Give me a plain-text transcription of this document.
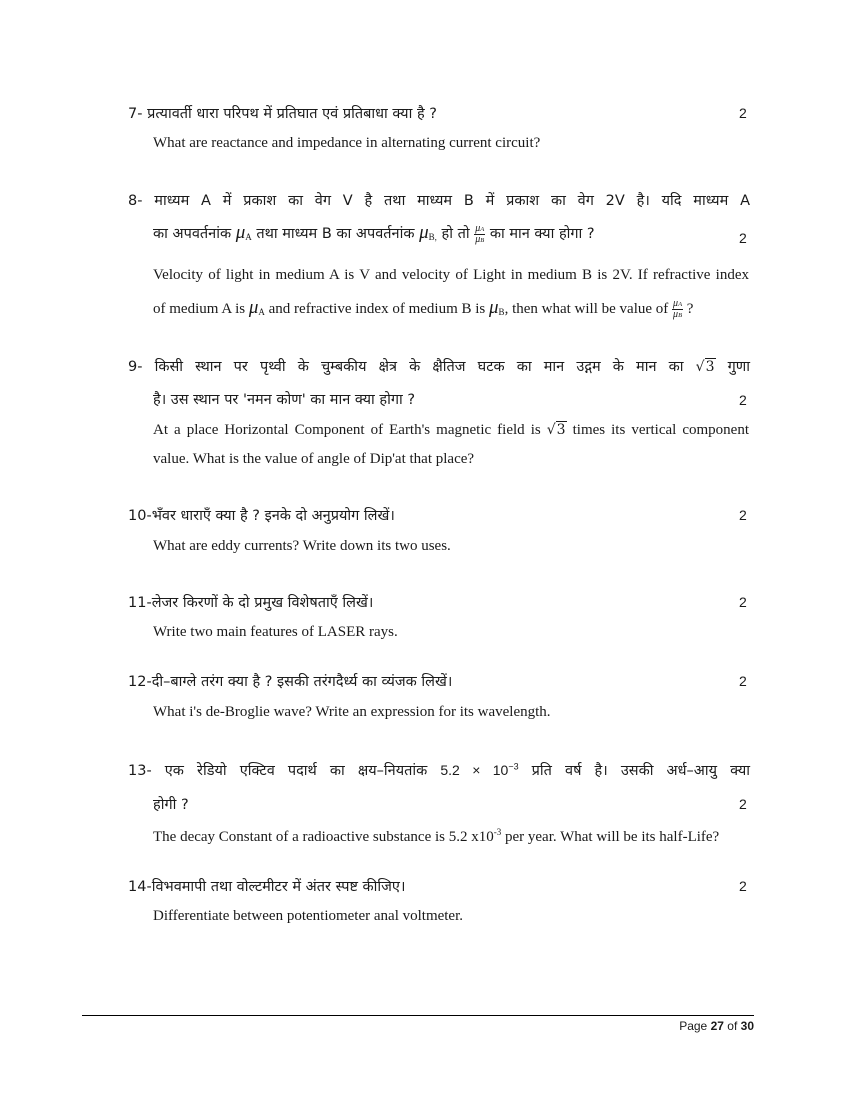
7- प्रत्यावर्ती धारा परिपथ में प्रतिघात एवं प्रतिबाधा क्या है ?	2
What are reactance and impedance in alternating current circuit?
8- माध्यम A में प्रकाश का वेग V है तथा माध्यम B में प्रकाश का वेग 2V है। यदि माध्यम A
का अपवर्तनांक $\mu_A$ तथा माध्यम B का अपवर्तनांक $\mu_{B,}$ हो तो $\frac{\mu A}{\mu B}$ का मान क्या होगा ?	2
Velocity of light in medium A is V and velocity of Light in medium B is 2V. If refractive index
of medium A is $\mu_A$ and refractive index of medium B is $\mu_B$, then what will be value of $\frac{\mu A}{\mu B}$ ?
9- किसी स्थान पर पृथ्वी के चुम्बकीय क्षेत्र के क्षैतिज घटक का मान उद्गम के मान का √3 गुणा
है। उस स्थान पर 'नमन कोण' का मान क्या होगा ?	2
At a place Horizontal Component of Earth's magnetic field is √3 times its vertical component
value. What is the value of angle of Dip'at that place?
10-भँवर धाराएँ क्या है ? इनके दो अनुप्रयोग लिखें।	2
What are eddy currents? Write down its two uses.
11-लेजर किरणों के दो प्रमुख विशेषताएँ लिखें।	2
Write two main features of LASER rays.
12-दी–बाग्ले तरंग क्या है ? इसकी तरंगदैर्ध्य का व्यंजक लिखें।	2
What i's de-Broglie wave? Write an expression for its wavelength.
13- एक रेडियो एक्टिव पदार्थ का क्षय–नियतांक $5.2 \times 10^{-3}$ प्रति वर्ष है। उसकी अर्ध–आयु क्या
होगी ?	2
The decay Constant of a radioactive substance is 5.2 $x10^{-3}$ per year. What will be its half-Life?
14-विभवमापी तथा वोल्टमीटर में अंतर स्पष्ट कीजिए।	2
Differentiate between potentiometer anal voltmeter.
Page 27 of 30
